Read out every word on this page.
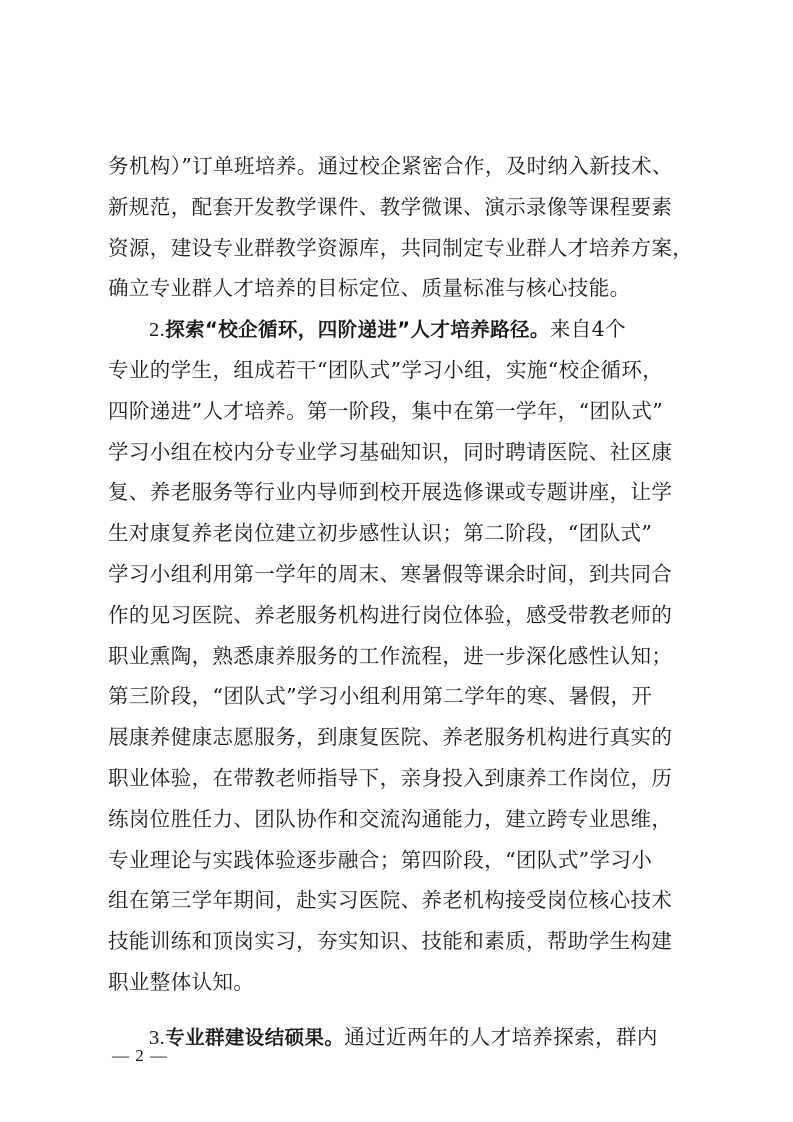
务机构）”订单班培养。通过校企紧密合作，及时纳入新技术、
新规范，配套开发教学课件、教学微课、演示录像等课程要素
资源，建设专业群教学资源库，共同制定专业群人才培养方案，
确立专业群人才培养的目标定位、质量标准与核心技能。
2.探索“校企循环，四阶递进”人才培养路径。来自4个
专业的学生，组成若干“团队式”学习小组，实施“校企循环，
四阶递进”人才培养。第一阶段，集中在第一学年，“团队式”
学习小组在校内分专业学习基础知识，同时聘请医院、社区康
复、养老服务等行业内导师到校开展选修课或专题讲座，让学
生对康复养老岗位建立初步感性认识；第二阶段，“团队式”
学习小组利用第一学年的周末、寒暑假等课余时间，到共同合
作的见习医院、养老服务机构进行岗位体验，感受带教老师的
职业熏陶，熟悉康养服务的工作流程，进一步深化感性认知；
第三阶段，“团队式”学习小组利用第二学年的寒、暑假，开
展康养健康志愿服务，到康复医院、养老服务机构进行真实的
职业体验，在带教老师指导下，亲身投入到康养工作岗位，历
练岗位胜任力、团队协作和交流沟通能力，建立跨专业思维，
专业理论与实践体验逐步融合；第四阶段，“团队式”学习小
组在第三学年期间，赴实习医院、养老机构接受岗位核心技术
技能训练和顶岗实习，夯实知识、技能和素质，帮助学生构建
职业整体认知。
3.专业群建设结硕果。通过近两年的人才培养探索，群内
— 2 —
